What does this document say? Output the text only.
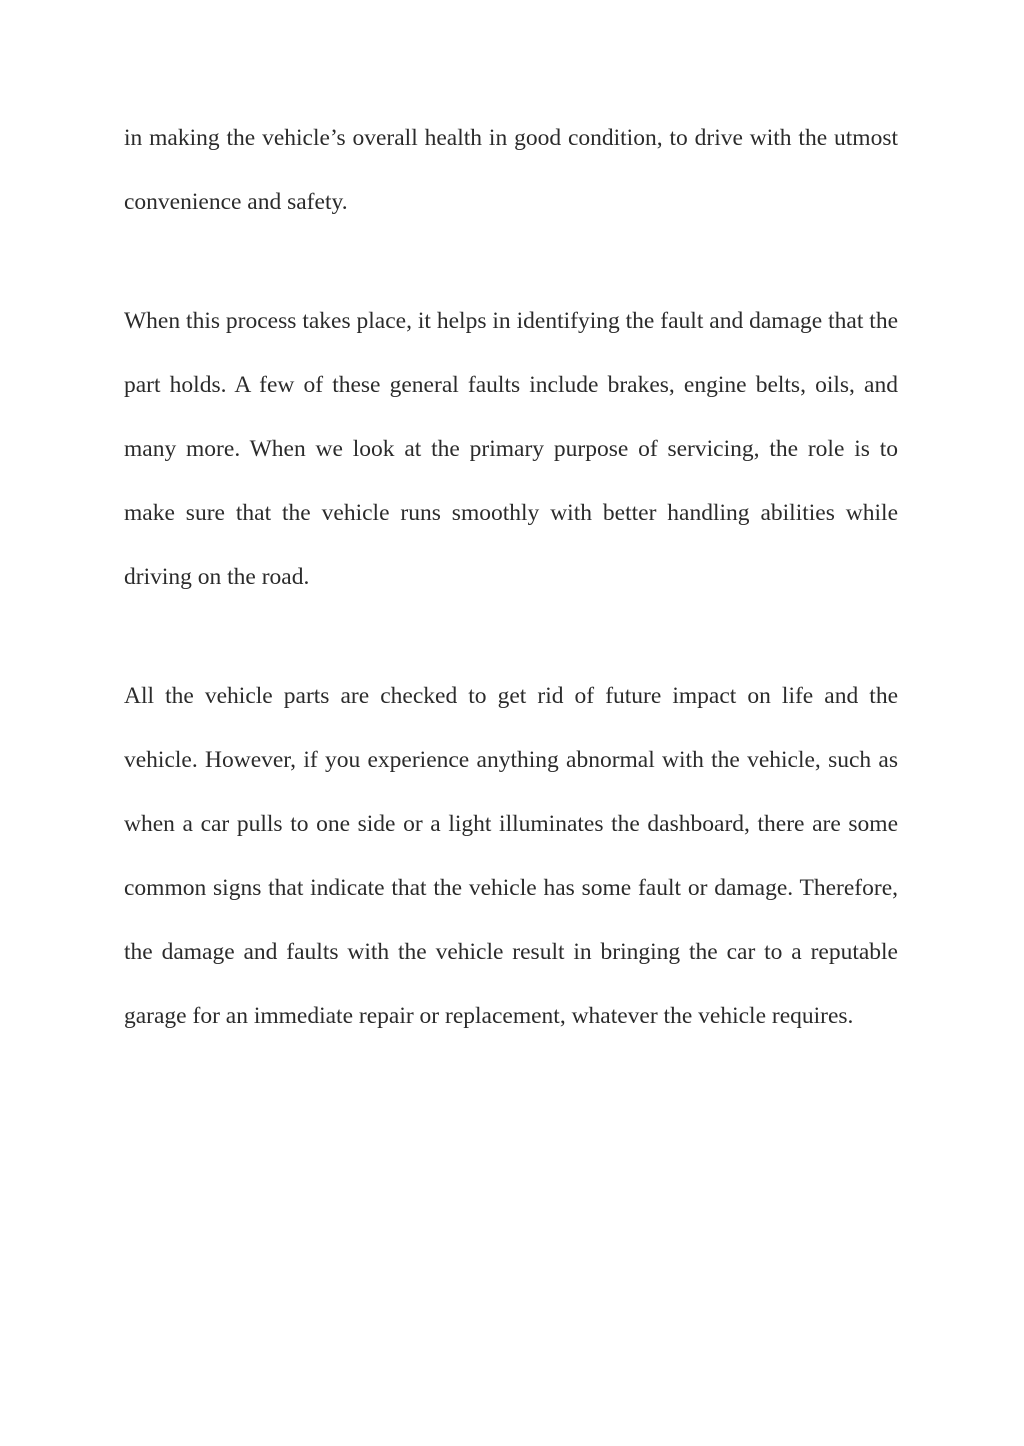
in making the vehicle’s overall health in good condition, to drive with the utmost convenience and safety.

When this process takes place, it helps in identifying the fault and damage that the part holds. A few of these general faults include brakes, engine belts, oils, and many more. When we look at the primary purpose of servicing, the role is to make sure that the vehicle runs smoothly with better handling abilities while driving on the road.

All the vehicle parts are checked to get rid of future impact on life and the vehicle. However, if you experience anything abnormal with the vehicle, such as when a car pulls to one side or a light illuminates the dashboard, there are some common signs that indicate that the vehicle has some fault or damage. Therefore, the damage and faults with the vehicle result in bringing the car to a reputable garage for an immediate repair or replacement, whatever the vehicle requires.
